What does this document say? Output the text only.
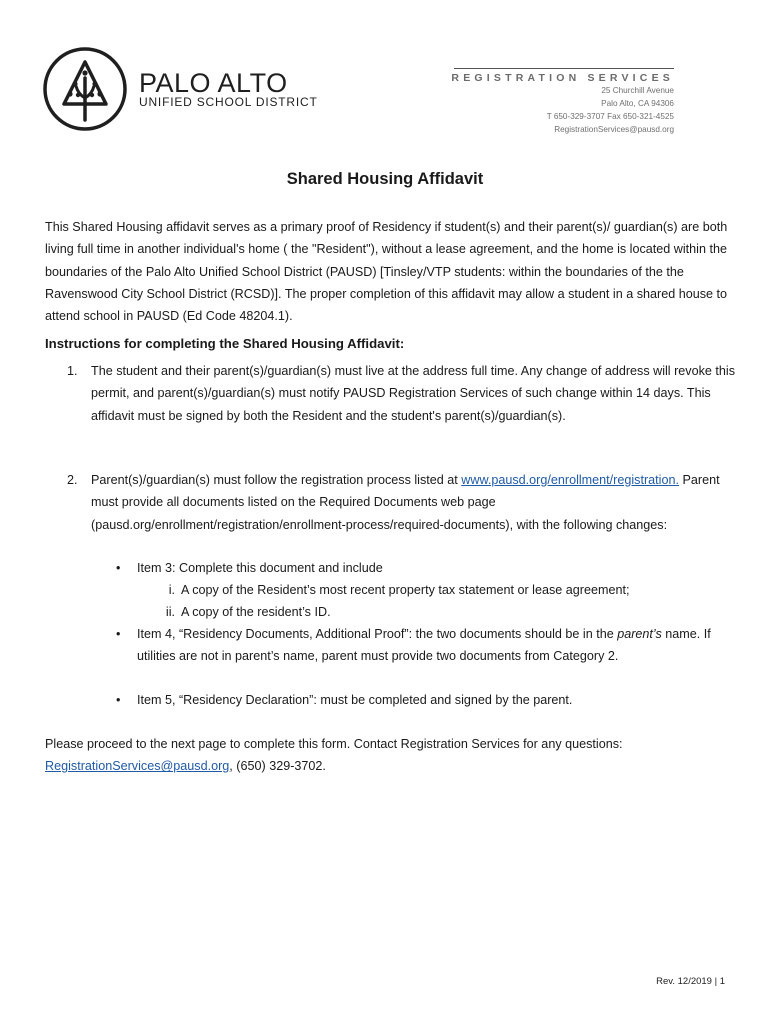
PALO ALTO
UNIFIED SCHOOL DISTRICT
REGISTRATION SERVICES
25 Churchill Avenue
Palo Alto, CA 94306
T 650-329-3707 Fax 650-321-4525
RegistrationServices@pausd.org
Shared Housing Affidavit
This Shared Housing affidavit serves as a primary proof of Residency if student(s) and their parent(s)/ guardian(s) are both living full time in another individual's home ( the "Resident"), without a lease agreement, and the home is located within the boundaries of the Palo Alto Unified School District (PAUSD) [Tinsley/VTP students: within the boundaries of the the Ravenswood City School District (RCSD)]. The proper completion of this affidavit may allow a student in a shared house to attend school in PAUSD (Ed Code 48204.1).
Instructions for completing the Shared Housing Affidavit:
1. The student and their parent(s)/guardian(s) must live at the address full time. Any change of address will revoke this permit, and parent(s)/guardian(s) must notify PAUSD Registration Services of such change within 14 days. This affidavit must be signed by both the Resident and the student's parent(s)/guardian(s).
2. Parent(s)/guardian(s) must follow the registration process listed at www.pausd.org/enrollment/registration. Parent must provide all documents listed on the Required Documents web page (pausd.org/enrollment/registration/enrollment-process/required-documents), with the following changes:
• Item 3: Complete this document and include
i. A copy of the Resident’s most recent property tax statement or lease agreement;
ii. A copy of the resident’s ID.
• Item 4, “Residency Documents, Additional Proof”: the two documents should be in the parent’s name. If utilities are not in parent’s name, parent must provide two documents from Category 2.
• Item 5, “Residency Declaration”: must be completed and signed by the parent.
Please proceed to the next page to complete this form. Contact Registration Services for any questions:
RegistrationServices@pausd.org, (650) 329-3702.
Rev. 12/2019 | 1
